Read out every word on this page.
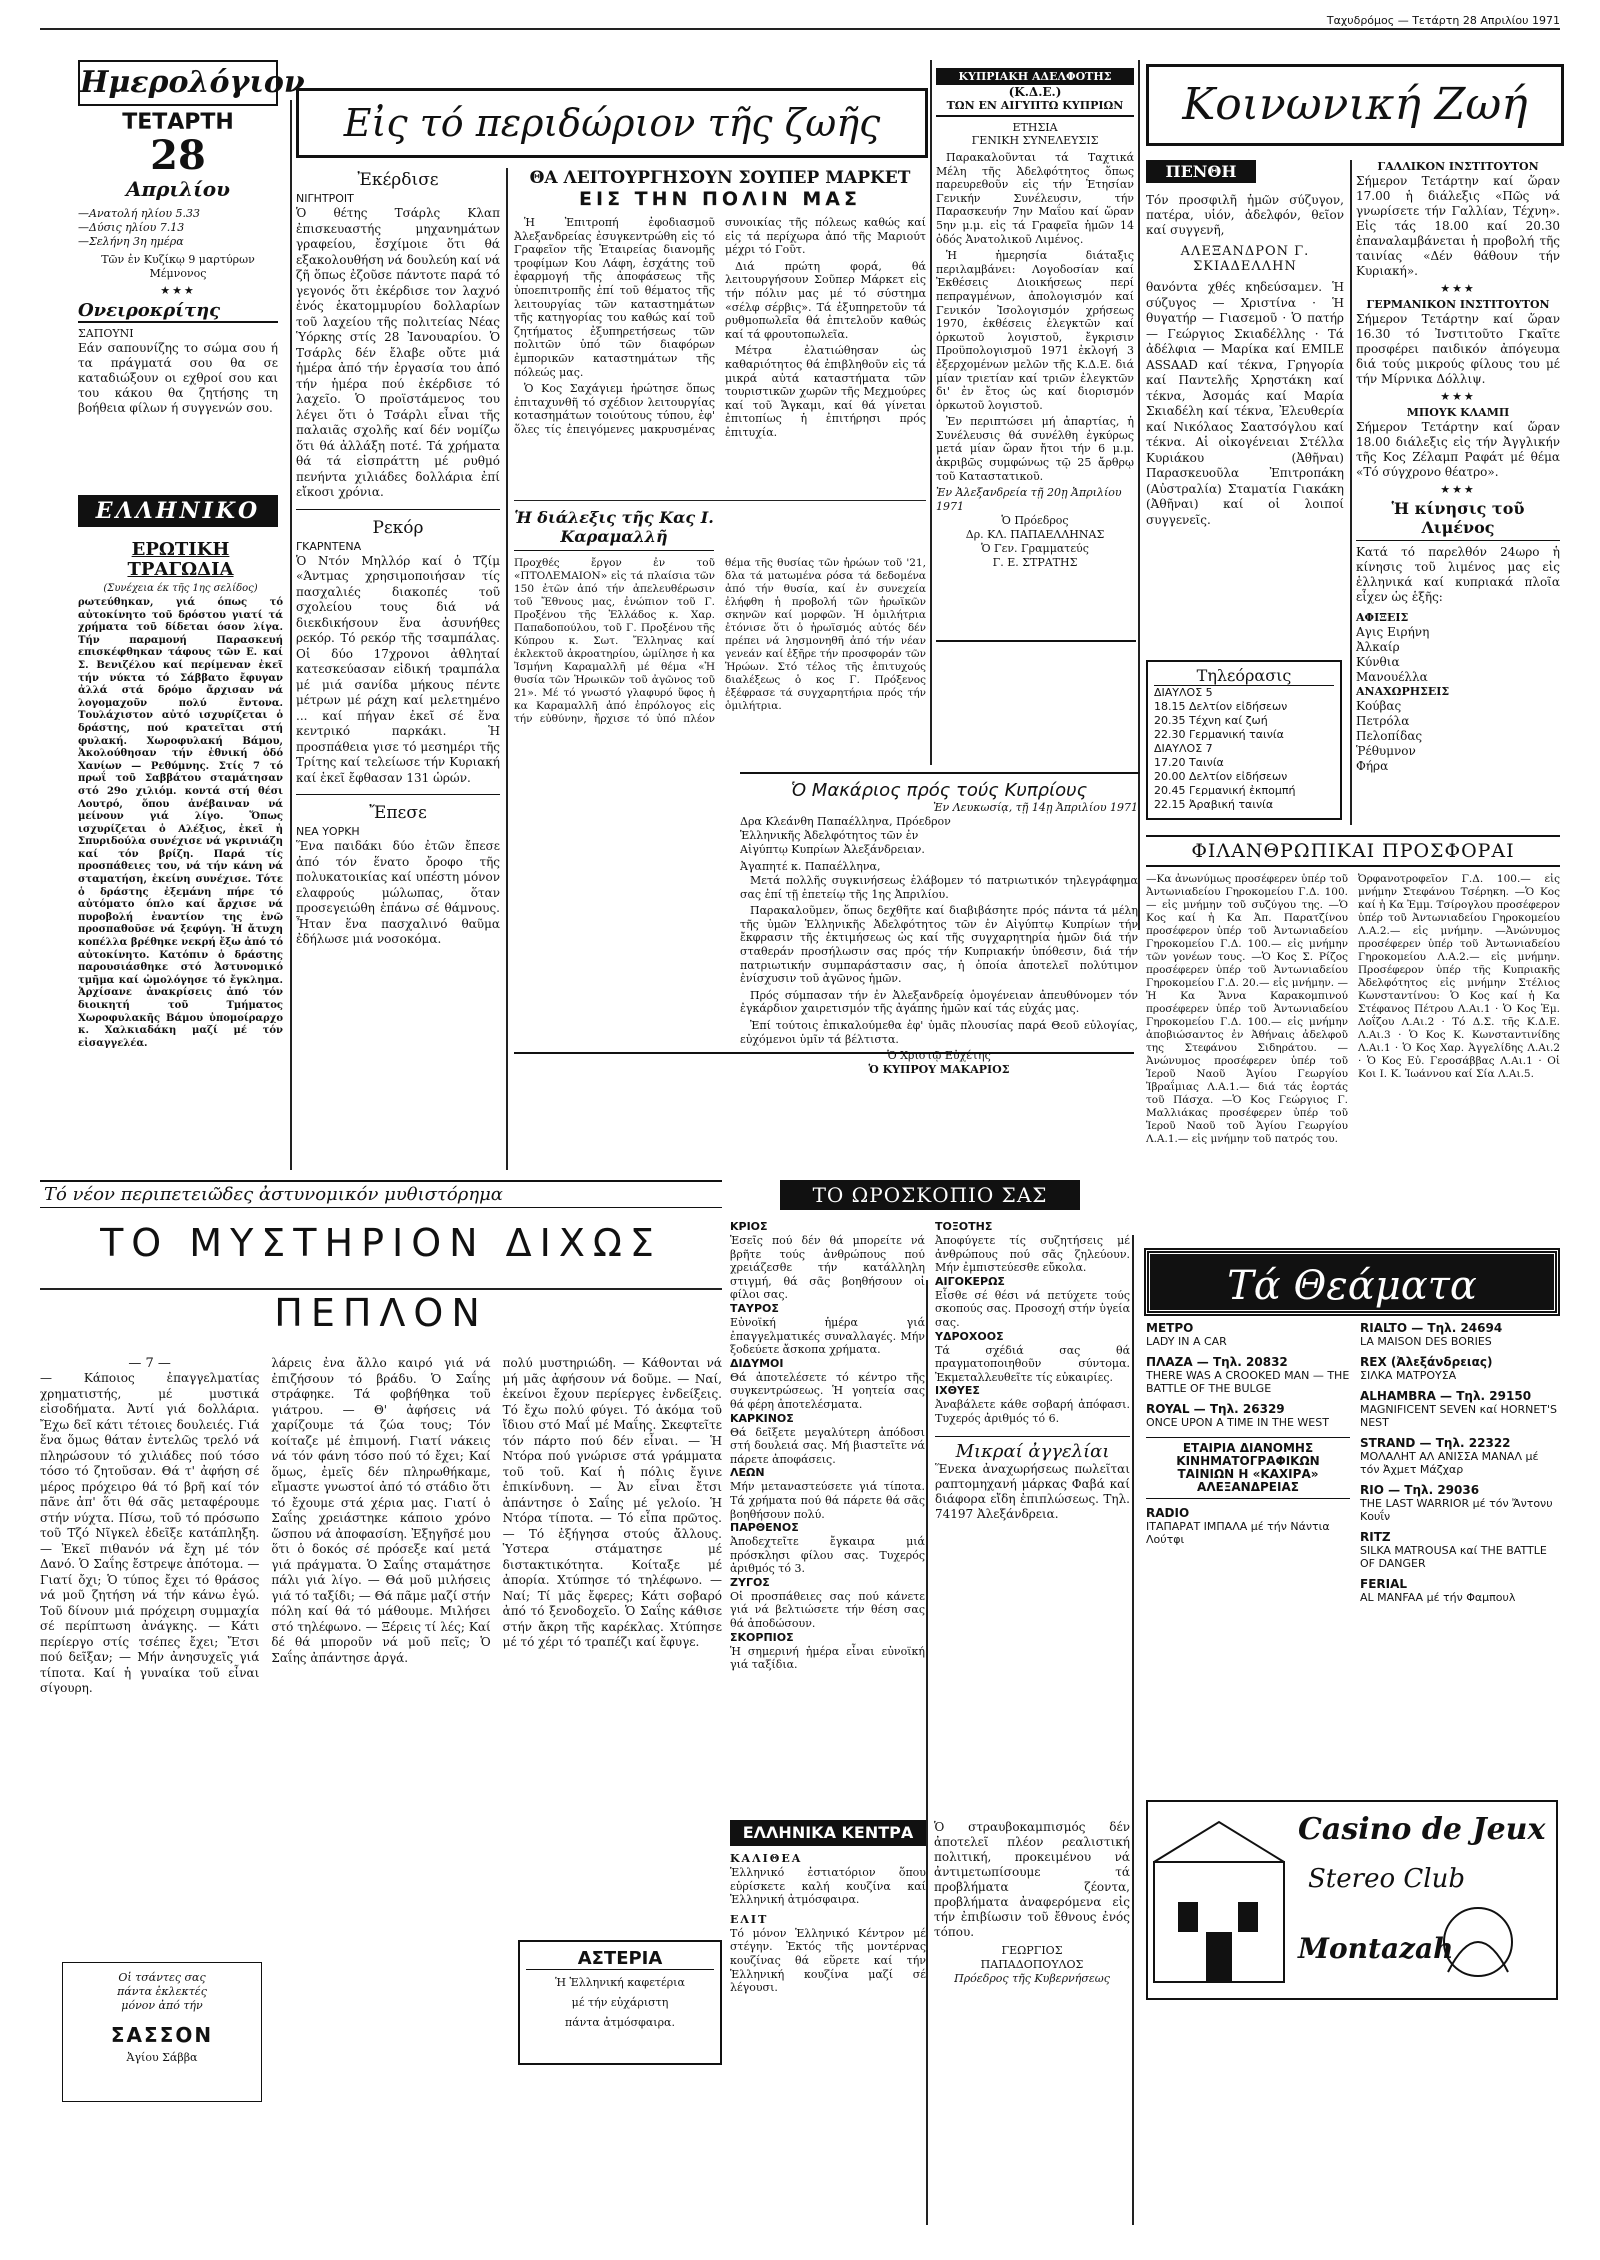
Ταχυδρόμος — Τετάρτη 28 Απριλίου 1971
Ημερολόγιον
ΤΕΤΑΡΤΗ
28
Απριλίου
—Ανατολή ηλίου 5.33
—Δύσις ηλίου 7.13
—Σελήνη 3η ημέρα
Τῶν ἐν Κυζίκῳ 9 μαρτύρων Μέμνονος
★★★
Ονειροκρίτης
ΣΑΠΟΥΝΙ
Εάν σαπουνίζης το σώμα σου ή τα πράγματά σου θα σε καταδιώξουν οι εχθροί σου και του κάκου θα ζητήσης τη βοήθεια φίλων ή συγγενών σου.
ΕΛΛΗΝΙΚΟ
ΕΡΩΤΙΚΗ ΤΡΑΓΩΔΙΑ
(Συνέχεια έκ τῆς 1ης σελίδος)
ρωτεύθηκαν, γιά όπως τό αὐτοκίνητο τοῦ δρόστου γιατί τά χρήματα τοῦ δίδεται όσον λίγα. Τήν παραμονή Παρασκευή επισκέφθηκαν τάφους τῶν Ε. καί Σ. Βενιζέλου καί περίμεναν ἐκεῖ τήν νύκτα τό Σάββατο ἔφυγαν ἀλλά στά δρόμο ἄρχισαν νά λογομαχοῦν πολύ ἔντονα. Τουλάχιστον αὐτό ισχυρίζεται ὁ δράστης, πού κρατεῖται στή φυλακή. Χωροφυλακή Βάμου, Ἀκολούθησαν τήν ἐθνική ὁδό Χανίων — Ρεθύμνης. Στίς 7 τό πρωΐ τοῦ Σαββάτου σταμάτησαν στό 29ο χιλιόμ. κοντά στή θέσι Λουτρό, ὅπου ἀνέβαιναν νά μείνουν γιά λίγο. Ὅπως ισχυρίζεται ὁ Αλέξιος, ἐκεῖ ἡ Σπυριδούλα συνέχισε νά γκρινιάζη καί τόν βρίζη. Παρά τίς προσπάθειες του, νά τήν κάνη νά σταματήση, ἐκείνη συνέχισε. Τότε ὁ δράστης ἐξεμάνη πήρε τό αὐτόματο όπλο καί ἄρχισε νά πυροβολή ἐναντίον της ἐνῶ προσπαθοῦσε νά ξεφύγη. Ἡ ἄτυχη κοπέλλα βρέθηκε νεκρή ἔξω ἀπό τό αὐτοκίνητο. Κατόπιν ὁ δράστης παρουσιάσθηκε στό Ἀστυνομικό τμῆμα καί ὡμολόγησε τό ἔγκλημα. Ἀρχίσανε ἀνακρίσεις ἀπό τόν διοικητή τοῦ Τμήματος Χωροφυλακῆς Βάμου ὑπομοίραρχο κ. Χαλκιαδάκη μαζί μέ τόν εἰσαγγελέα.
Εἰς τό περιδώριον τῆς ζωῆς
Ἐκέρδισε
ΝΙΓΗΤΡΟΙΤ
Ὁ θέτης Τσάρλς Κλαπ ἐπισκευαστής μηχανημάτων γραφείου, ἔσχίμοιε ὅτι θά εξακολουθήση νά δουλεύη καί νά ζῆ ὅπως ἐζοῦσε πάντοτε παρά τό γεγονός ὅτι ἐκέρδισε τον λαχνό ἑνός ἑκατομμυρίου δολλαρίων τοῦ λαχείου τῆς πολιτείας Νέας Ὑόρκης στίς 28 Ἰανουαρίου. Ὁ Τσάρλς δέν ἔλαβε οὔτε μιά ἡμέρα ἀπό τήν ἐργασία του ἀπό τήν ἡμέρα πού ἐκέρδισε τό λαχεῖο. Ὁ προϊστάμενος του λέγει ὅτι ὁ Τσάρλι εἶναι τῆς παλαιᾶς σχολῆς καί δέν νομίζω ὅτι θά ἀλλάξη ποτέ. Τά χρήματα θά τά εἰσπράττη μέ ρυθμό πενήντα χιλιάδες δολλάρια ἐπί εἴκοσι χρόνια.
Ρεκόρ
ΓΚΑΡΝΤΕΝΑ
Ὁ Ντόν Μηλλόρ καί ὁ Τζίμ «Άντμας χρησιμοποιήσαν τίς πασχαλιές διακοπές τοῦ σχολείου τους διά νά διεκδικήσουν ἕνα ἀσυνήθες ρεκόρ. Τό ρεκόρ τῆς τσαμπάλας. Οἱ δύο 17χρονοι ἀθληταί κατεσκεύασαν εἰδική τραμπάλα μέ μιά σανίδα μήκους πέντε μέτρων μέ ράχη καί μελετημένο ... καί πήγαν ἐκεῖ σέ ἕνα κεντρικό παρκάκι. Ἡ προσπάθεια γισε τό μεσημέρι τῆς Τρίτης καί τελείωσε τήν Κυριακή καί ἐκεῖ ἔφθασαν 131 ὡρών.
Ἔπεσε
ΝΕΑ ΥΟΡΚΗ
Ἕνα παιδάκι δύο ἐτῶν ἔπεσε ἀπό τόν ἕνατο ὄροφο τῆς πολυκατοικίας καί υπέστη μόνον ελαφρούς μώλωπας, ὅταν προσεγειώθη ἐπάνω σέ θάμνους. Ἦταν ἕνα πασχαλινό θαῦμα ἐδήλωσε μιά νοσοκόμα.
ΘΑ ΛΕΙΤΟΥΡΓΗΣΟΥΝ ΣΟΥΠΕΡ ΜΑΡΚΕΤ
ΕΙΣ ΤΗΝ ΠΟΛΙΝ ΜΑΣ

Ἡ Ἐπιτροπή ἐφοδιασμοῦ Ἀλεξανδρείας ἐσυγκεντρώθη εἰς τό Γραφεῖον τῆς Ἑταιρείας διανομῆς τροφίμων Κου Λάφη, ἐσχάτης τοῦ ἐφαρμογή τῆς ἀποφάσεως τῆς ὑποεπιτροπῆς ἐπί τοῦ θέματος τῆς λειτουργίας τῶν καταστημάτων τῆς κατηγορίας του καθώς καί τοῦ ζητήματος ἐξυπηρετήσεως τῶν πολιτῶν ὑπό τῶν διαφόρων ἐμπορικῶν καταστημάτων τῆς πόλεώς μας.

Ὁ Κος Σαχάγιεμ ἠρώτησε ὅπως ἐπιταχυνθῆ τό σχέδιον λειτουργίας κοτασημάτων τοιούτους τύπου, ἐφ' ὅλες τίς ἐπειγόμενες μακρυσμένας συνοικίας τῆς πόλεως καθώς καί εἰς τά περίχωρα ἀπό τῆς Μαριούτ μέχρι τό Γοῦτ.

Διά πρώτη φορά, θά λειτουργήσουν Σοῦπερ Μάρκετ εἰς τήν πόλιν μας μέ τό σύστημα «σέλφ σέρβις». Τά ἐξυπηρετοῦν τά ρυθμοπωλεῖα θά ἐπιτελοῦν καθώς καί τά φρουτοπωλεῖα.

Μέτρα ἐλατιώθησαν ὡς καθαριότητος θά ἐπιβληθοῦν εἰς τά μικρά αὐτά καταστήματα τῶν τουριστικῶν χωρῶν τῆς Μεχμούρες καί τοῦ Ἄγκαμι, καί θά γίνεται ἐπιτοπίως ἡ ἐπιτήρησι πρός ἐπιτυχία.

Ἡ διάλεξις τῆς Κας Ι. Καραμαλλῆ
Προχθές ἔργον ἐν τοῦ «ΠΤΟΛΕΜΑΙΟΝ» εἰς τά πλαίσια τῶν 150 ἐτῶν ἀπό τήν ἀπελευθέρωσιν τοῦ Ἔθνους μας, ἐνώπιον τοῦ Γ. Προξένου τῆς Ἑλλάδος κ. Χαρ. Παπαδοπούλου, τοῦ Γ. Προξένου τῆς Κύπρου κ. Σωτ. Ἔλληνας καί ἑκλεκτοῦ ἀκροατηρίου, ὡμίλησε ἡ κα Ἰσμήνη Καραμαλλῆ μέ θέμα «Ἡ θυσία τῶν Ἡρωικῶν τοῦ ἀγῶνος τοῦ 21». Μέ τό γνωστό γλαφυρό ὕφος ἡ κα Καραμαλλῆ ἀπό ἐπρόλογος εἰς τήν εὐθύνην, ἤρχισε τό ὑπό πλέον θέμα τῆς θυσίας τῶν ἡρώων τοῦ '21, δλα τά ματωμένα ρόσα τά δεδομένα ἀπό τήν θυσία, καί ἐν συνεχεία ἐλήφθη ἡ προβολή τῶν ἡρωϊκῶν σκηνῶν καί μορφῶν. Ἡ ὁμιλήτρια ἐτόνισε ὅτι ὁ ἡρωϊσμός αὐτός δέν πρέπει νά λησμονηθῆ ἀπό τήν νέαν γενεάν καί ἐξῆρε τήν προσφοράν τῶν Ἡρώων. Στό τέλος τῆς ἐπιτυχούς διαλέξεως ὁ κος Γ. Πρόξενος ἐξέφρασε τά συγχαρητήρια πρός τήν ὁμιλήτρια.
ΚΥΠΡΙΑΚΗ ΑΔΕΛΦΟΤΗΣ
(Κ.Δ.Ε.)
ΤΩΝ ΕΝ ΑΙΓΥΠΤΩ ΚΥΠΡΙΩΝ
ΕΤΗΣΙΑ
ΓΕΝΙΚΗ ΣΥΝΕΛΕΥΣΙΣ

Παρακαλοῦνται τά Ταχτικά Μέλη τῆς Ἀδελφότητος ὅπως παρευρεθοῦν εἰς τήν Ἐτησίαν Γενικήν Συνέλευσιν, τήν Παρασκευήν 7ην Μαΐου καί ὥραν 5ην μ.μ. εἰς τά Γραφεῖα ἡμῶν 14 ὁδός Ἀνατολικοῦ Λιμένος.

Ἡ ἡμερησία διάταξις περιλαμβάνει: Λογοδοσίαν καί Ἐκθέσεις Διοικήσεως περί πεπραγμένων, ἀπολογισμόν καί Γενικόν Ἰσολογισμόν χρήσεως 1970, ἐκθέσεις ἐλεγκτῶν καί ὁρκωτοῦ λογιστοῦ, ἔγκρισιν Προϋπολογισμοῦ 1971 ἐκλογή 3 ἐξερχομένων μελῶν τῆς Κ.Δ.Ε. διά μίαν τριετίαν καί τριῶν ἐλεγκτῶν δι' ἐν ἔτος ὡς καί διορισμόν ὁρκωτοῦ λογιστοῦ.

Ἐν περιπτώσει μή ἀπαρτίας, ἡ Συνέλευσις θά συνέλθη ἐγκύρως μετά μίαν ὥραν ἤτοι τήν 6 μ.μ. ἀκριβῶς συμφώνως τῷ 25 ἄρθρῳ τοῦ Καταστατικοῦ.

Ἐν Ἀλεξανδρεία τῇ 20ῃ Ἀπριλίου 1971
Ὁ Πρόεδρος
Δρ. ΚΛ. ΠΑΠΑΕΛΛΗΝΑΣ
Ὁ Γεν. Γραμματεύς
Γ. Ε. ΣΤΡΑΤΗΣ
Κοινωνική Ζωή
ΠΕΝΘΗ
Τόν προσφιλῆ ἡμῶν σύζυγον, πατέρα, υἱόν, ἀδελφόν, θεῖον καί συγγενῆ,
ΑΛΕΞΑΝΔΡΟΝ Γ. ΣΚΙΑΔΕΛΛΗΝ
θανόντα χθές κηδεύσαμεν. Ἡ σύζυγος — Χριστίνα · Ἡ θυγατήρ — Γιασεμοῦ · Ὁ πατήρ — Γεώργιος Σκιαδέλλης · Τά ἀδέλφια — Μαρίκα καί EMILE ASSAAD καί τέκνα, Γρηγορία καί Παντελῆς Χρηστάκη καί τέκνα, Ἀσομάς καί Μαρία Σκιαδέλη καί τέκνα, Ἐλευθερία καί Νικόλαος Σαατσόγλου καί τέκνα. Αἱ οἰκογένειαι Στέλλα Κυριάκου (Ἀθῆναι) Παρασκευοῦλα Ἐπιτροπάκη (Αὐστραλία) Σταματία Γιακάκη (Ἀθῆναι) καί οἱ λοιποί συγγενεῖς.
ΓΑΛΛΙΚΟΝ ΙΝΣΤΙΤΟΥΤΟΝ
Σήμερον Τετάρτην καί ὥραν 17.00 ἡ διάλεξις «Πῶς νά γνωρίσετε τήν Γαλλίαν, Τέχνη». Εἰς τάς 18.00 καί 20.30 ἐπαναλαμβάνεται ἡ προβολή τῆς ταινίας «Δέν θάθουν τήν Κυριακή».
★★★
ΓΕΡΜΑΝΙΚΟΝ ΙΝΣΤΙΤΟΥΤΟΝ
Σήμερον Τετάρτην καί ὥραν 16.30 τό Ἰνστιτοῦτο Γκαῖτε προσφέρει παιδικόν ἀπόγευμα διά τούς μικρούς φίλους του μέ τήν Μίρνικα Δόλλιψ.
★★★
ΜΠΟΥΚ ΚΛΑΜΠ
Σήμερον Τετάρτην καί ὥραν 18.00 διάλεξις εἰς τήν Ἀγγλικήν τῆς Κος Ζέλαμπ Ραφάτ μέ θέμα «Τό σύγχρονο θέατρο».
★★★
Ἡ κίνησις τοῦ Λιμένος
Κατά τό παρελθόν 24ωρο ἡ κίνησις τοῦ λιμένος μας εἰς ἑλληνικά καί κυπριακά πλοῖα εἶχεν ὡς ἑξῆς:
ΑΦΙΞΕΙΣ
Αγις Ειρήνη
Ἀλκαίρ
Κύνθια
Μανουέλλα
ΑΝΑΧΩΡΗΣΕΙΣ
Κούβας
Πετρόλα
Πελοπίδας
Ῥέθυμνον
Φήρα
Τηλεόρασις
ΔΙΑΥΛΟΣ 5
18.15 Δελτίον εἰδήσεων
20.35 Τέχνη καί ζωή
22.30 Γερμανική ταινία
ΔΙΑΥΛΟΣ 7
17.20 Ταινία
20.00 Δελτίον εἰδήσεων
20.45 Γερμανική ἐκπομπή
22.15 Ἀραβική ταινία
Ὁ Μακάριος πρός τούς Κυπρίους
Ἐν Λευκωσίᾳ, τῇ 14ῃ Ἀπριλίου 1971
Δρα Κλεάνθη Παπαέλληνα, Πρόεδρον Ἑλληνικῆς Ἀδελφότητος τῶν ἐν Αἰγύπτῳ Κυπρίων Ἀλεξάνδρειαν.
Ἀγαπητέ κ. Παπαέλληνα,

Μετά πολλῆς συγκινήσεως ἐλάβομεν τό πατριωτικόν τηλεγράφημα σας ἐπί τῇ ἐπετείῳ τῆς 1ης Ἀπριλίου.

Παρακαλοῦμεν, ὅπως δεχθῆτε καί διαβιβάσητε πρός πάντα τά μέλη τῆς ὑμῶν Ἑλληνικῆς Ἀδελφότητος τῶν ἐν Αἰγύπτῳ Κυπρίων τήν ἔκφρασιν τῆς ἐκτιμήσεως ὡς καί τῆς συγχαρητηρία ἡμῶν διά τήν σταθεράν προσήλωσιν σας πρός τήν Κυπριακήν ὑπόθεσιν, διά τήν πατριωτικήν συμπαράστασιν σας, ἡ ὁποία ἀποτελεῖ πολύτιμον ἐνίσχυσιν τοῦ ἀγῶνος ἡμῶν.

Πρός σύμπασαν τήν ἐν Ἀλεξανδρείᾳ ὁμογένειαν ἀπευθύνομεν τόν ἐγκάρδιον χαιρετισμόν τῆς ἀγάπης ἡμῶν καί τάς εὐχάς μας.

Ἐπί τούτοις ἐπικαλούμεθα ἐφ' ὑμᾶς πλουσίας παρά Θεοῦ εὐλογίας, εὐχόμενοι ὑμῖν τά βέλτιστα.

Ὁ Χριστῷ Εὐχέτης
Ὁ ΚΥΠΡΟΥ ΜΑΚΑΡΙΟΣ
ΦΙΛΑΝΘΡΩΠΙΚΑΙ ΠΡΟΣΦΟΡΑΙ
—Κα ἀνωνύμως προσέφερεν ὑπέρ τοῦ Ἀντωνιαδείου Γηροκομείου Γ.Δ. 100.— εἰς μνήμην τοῦ συζύγου της. —Ὁ Κος καί ἡ Κα Ἀπ. Παρατζίνου προσέφερον ὑπέρ τοῦ Ἀντωνιαδείου Γηροκομείου Γ.Δ. 100.— εἰς μνήμην τῶν γονέων τους. —Ὁ Κος Σ. Ρίζος προσέφερεν ὑπέρ τοῦ Ἀντωνιαδείου Γηροκομείου Γ.Δ. 20.— εἰς μνήμην. —Ἡ Κα Ἄννα Καρακομπινού προσέφερεν ὑπέρ τοῦ Ἀντωνιαδείου Γηροκομείου Γ.Δ. 100.— εἰς μνήμην ἀποβιώσαντος ἐν Ἀθήναις ἀδελφοῦ της Στεφάνου Σιδηράτου. —Ἀνώνυμος προσέφερεν ὑπέρ τοῦ Ἱεροῦ Ναοῦ Ἁγίου Γεωργίου Ἰβραΐμιας Λ.Α.1.— διά τάς ἑορτάς τοῦ Πάσχα. —Ὁ Κος Γεώργιος Γ. Μαλλιάκας προσέφερεν ὑπέρ τοῦ Ἱεροῦ Ναοῦ τοῦ Ἁγίου Γεωργίου Λ.Α.1.— εἰς μνήμην τοῦ πατρός του.
Ὀρφανοτροφεῖον Γ.Δ. 100.— εἰς μνήμην Στεφάνου Τσέρηκη. —Ὁ Κος καί ἡ Κα Ἐμμ. Τσίρογλου προσέφερον ὑπέρ τοῦ Ἀντωνιαδείου Γηροκομείου Λ.Α.2.— εἰς μνήμην. —Ἀνώνυμος προσέφερεν ὑπέρ τοῦ Ἀντωνιαδείου Γηροκομείου Λ.Α.2.— εἰς μνήμην. Προσέφερον ὑπέρ τῆς Κυπριακῆς Ἀδελφότητος εἰς μνήμην Στέλιος Κωνσταντίνου: Ὁ Κος καί ἡ Κα Στέφανος Πέτρου Λ.Αι.1 · Ὁ Κος Ἐμ. Λοΐζου Λ.Αι.2 · Τό Δ.Σ. τῆς Κ.Δ.Ε. Λ.Αι.3 · Ὁ Κος Κ. Κωνσταντινίδης Λ.Αι.1 · Ὁ Κος Χαρ. Ἀγγελίδης Λ.Αι.2 · Ὁ Κος Εὐ. Γεροσάββας Λ.Αι.1 · Οἱ Κοι Ι. Κ. Ἰωάννου καί Σία Λ.Αι.5.
Τό νέον περιπετειῶδες ἀστυνομικόν μυθιστόρημα
ΤΟ ΜΥΣΤΗΡΙΟΝ ΔΙΧΩΣ ΠΕΠΛΟΝ
— 7 —
— Κάποιος ἐπαγγελματίας χρηματιστής, μέ μυστικά εἰσοδήματα. Ἀντί γιά δολλάρια. Ἔχω δεῖ κάτι τέτοιες δουλειές. Γιά ἕνα ὅμως θάταν ἐντελῶς τρελό νά πληρώσουν τό χιλιάδες πού τόσο τόσο τό ζητοῦσαν. Θά τ' ἀφήση σέ μέρος πρόχειρο θά τό βρῆ καί τόν πᾶνε ἀπ' ὅτι θά σᾶς μεταφέρουμε στήν νύχτα. Πίσω, τοῦ τό πρόσωπο τοῦ Τζό Νῖγκελ ἐδεῖξε κατάπληξη. — Ἐκεῖ πιθανόν νά ἔχη μέ τόν Δανό. Ὁ Σαΐης ἔστρεψε ἀπότομα. — Γιατί ὄχι; Ὁ τύπος ἔχει τό θράσος νά μοῦ ζητήση νά τήν κάνω ἐγώ. Τοῦ δίνουν μιά πρόχειρη συμμαχία σέ περίπτωση ἀνάγκης. — Κάτι περίεργο στίς τσέπες ἔχει; Ἔτσι πού δεῖξαν; — Μήν ἀνησυχεῖς γιά τίποτα. Καί ἡ γυναίκα τοῦ εἶναι σίγουρη.
λάρεις ἐνα ἄλλο καιρό γιά νά ἐπιζήσουν τό βράδυ. Ὁ Σαΐης στράφηκε. Τά φοβήθηκα τοῦ γιάτρου. — Θ' ἀφήσεις νά χαρίζουμε τά ζώα τους; Τόν κοίταζε μέ ἐπιμονή. Γιατί νάκεις νά τόν φάνη τόσο πού τό ἔχει; Καί ὅμως, ἐμεῖς δέν πληρωθήκαμε, εἴμαστε γνωστοί ἀπό τό στάδιο ὅτι τό ἔχουμε στά χέρια μας. Γιατί ὁ Σαΐης χρειάστηκε κάποιο χρόνο ὥσπου νά ἀποφασίση. Ἐξηγῆσέ μου ὅτι ὁ δοκός σέ πρόσεξε καί μετά γιά πράγματα. Ὁ Σαΐης σταμάτησε πάλι γιά λίγο. — Θά μοῦ μιλήσεις γιά τό ταξίδι; — Θά πᾶμε μαζί στήν πόλη καί θά τό μάθουμε. Μιλήσει στό τηλέφωνο. — Ξέρεις τί λές; Καί δέ θά μποροῦν νά μοῦ πεῖς; Ὁ Σαΐης ἀπάντησε ἀργά.
πολύ μυστηριώδη. — Κάθονται νά μή μᾶς ἀφήσουν νά δοῦμε. — Ναί, ἐκείνοι ἔχουν περίεργες ἐνδείξεις. Τό ἔχω πολύ φύγει. Τό ἀκόμα τοῦ ἴδιου στό Μαΐ μέ Μαΐης. Σκεφτεῖτε τόν πάρτο πού δέν εἶναι. — Ἡ Ντόρα πού γνώρισε στά γράμματα τοῦ τοῦ. Καί ἡ πόλις ἔγινε ἐπικίνδυνη. — Ἀν εἶναι ἔτσι ἀπάντησε ὁ Σαΐης μέ γελοίο. Ἡ Ντόρα τίποτα. — Τό εἶπα πρῶτος. — Τό ἐξήγησα στούς ἄλλους. Ὑστερα στάματησε μέ διστακτικότητα. Κοίταξε μέ ἀπορία. Χτύπησε τό τηλέφωνο. — Ναί; Τί μᾶς ἔφερες; Κάτι σοβαρό ἀπό τό ξενοδοχεῖο. Ὁ Σαΐης κάθισε στήν ἄκρη τῆς καρέκλας. Χτύπησε μέ τό χέρι τό τραπέζι καί ἔφυγε.
Οἱ τσάντες σας
πάντα ἐκλεκτές
μόνον ἀπό τήν
ΣΑΣΣΟΝ
Ἀγίου Σάββα
ΤΟ ΩΡΟΣΚΟΠΙΟ ΣΑΣ
ΚΡΙΟΣ
Ἑσεῖς πού δέν θά μπορείτε νά βρῆτε τούς ἀνθρώπους πού χρειάζεσθε τήν κατάλληλη στιγμή, θά σᾶς βοηθήσουν οἱ φίλοι σας.
ΤΑΥΡΟΣ
Εὐνοϊκή ἡμέρα γιά ἐπαγγελματικές συναλλαγές. Μήν ξοδεύετε ἄσκοπα χρήματα.
ΔΙΔΥΜΟΙ
Θά ἀποτελέσετε τό κέντρο τῆς συγκεντρώσεως. Ἡ γοητεία σας θά φέρη ἀποτελέσματα.
ΚΑΡΚΙΝΟΣ
Θά δεῖξετε μεγαλύτερη ἀπόδοσι στή δουλειά σας. Μή βιαστεῖτε νά πάρετε ἀποφάσεις.
ΛΕΩΝ
Μήν μεταναστεύσετε γιά τίποτα. Τά χρήματα πού θά πάρετε θά σᾶς βοηθήσουν πολύ.
ΠΑΡΘΕΝΟΣ
Ἀποδεχτεῖτε ἔγκαιρα μιά πρόσκλησι φίλου σας. Τυχερός ἀριθμός τό 3.
ΖΥΓΟΣ
Οἱ προσπάθειες σας πού κάνετε γιά νά βελτιώσετε τήν θέση σας θά ἀποδώσουν.
ΣΚΟΡΠΙΟΣ
Ἡ σημερινή ἡμέρα εἶναι εὐνοϊκή γιά ταξίδια.
ΤΟΞΟΤΗΣ
Ἀποφύγετε τίς συζητήσεις μέ ἀνθρώπους πού σᾶς ζηλεύουν. Μήν ἐμπιστεύεσθε εὔκολα.
ΑΙΓΟΚΕΡΩΣ
Εἶσθε σέ θέσι νά πετύχετε τούς σκοπούς σας. Προσοχή στήν ὑγεία σας.
ΥΔΡΟΧΟΟΣ
Τά σχέδιά σας θά πραγματοποιηθοῦν σύντομα. Ἐκμεταλλευθεῖτε τίς εὐκαιρίες.
ΙΧΘΥΕΣ
Ἀναβάλετε κάθε σοβαρή ἀπόφασι. Τυχερός ἀριθμός τό 6.
Μικραί ἀγγελίαι
Ἕνεκα ἀναχωρήσεως πωλεῖται ραπτομηχανή μάρκας Φαβά καί διάφορα εἴδη ἐπιπλώσεως. Τηλ. 74197 Ἀλεξάνδρεια.
ΕΛΛΗΝΙΚΑ ΚΕΝΤΡΑ
ΚΑΛΙΘΕΑ
Ἑλληνικό ἐστιατόριον ὅπου εὑρίσκετε καλή κουζίνα καί Ἑλληνική ἀτμόσφαιρα.
ΕΛΙΤ
Τό μόνον Ἑλληνικό Κέντρον μέ στέγην. Ἐκτός τῆς μοντέρνας κουζίνας θά εὕρετε καί τήν Ἑλληνική κουζίνα μαζί σέ λέγουσι.
ΑΣΤΕΡΙΑ
Ἡ Ἑλληνική καφετέρια
μέ τήν εὐχάριστη
πάντα ἀτμόσφαιρα.
Ὁ στραυβοκαμπισμός δέν ἀποτελεῖ πλέον ρεαλιστική πολιτική, προκειμένου νά ἀντιμετωπίσουμε τά προβλήματα ζέοντα, προβλήματα ἀναφερόμενα εἰς τήν ἐπιβίωσιν τοῦ ἔθνους ἐνός τόπου.
ΓΕΩΡΓΙΟΣ
ΠΑΠΑΔΟΠΟΥΛΟΣ
Πρόεδρος τῆς Κυβερνήσεως
Τά Θεάματα
ΜΕΤΡΟ
LADY IN A CAR
ΠΛΑΖΑ — Τηλ. 20832
THERE WAS A CROOKED MAN — THE BATTLE OF THE BULGE
ROYAL — Τηλ. 26329
ONCE UPON A TIME IN THE WEST
ΕΤΑΙΡΙΑ ΔΙΑΝΟΜΗΣ ΚΙΝΗΜΑΤΟΓΡΑΦΙΚΩΝ ΤΑΙΝΙΩΝ Η «ΚΑΧΙΡΑ» ΑΛΕΞΑΝΔΡΕΙΑΣ
RADIO
ΙΤΑΠΑΡΑΤ ΙΜΠΑΛΑ μέ τήν Νάντια Λούτφι
RIALTO — Τηλ. 24694
LA MAISON DES BORIES
REX (Ἀλεξάνδρειας)
ΣΙΛΚΑ ΜΑΤΡΟΥΣΑ
ALHAMBRA — Τηλ. 29150
MAGNIFICENT SEVEN καί HORNET'S NEST
STRAND — Τηλ. 22322
ΜΟΛΑΛΗΤ ΑΛ ΑΝΙΣΣΑ ΜΑΝΑΛ μέ τόν Ἀχμετ Μάζχαρ
RIO — Τηλ. 29036
THE LAST WARRIOR μέ τόν Ἄντονυ Κουΐν
RITZ
SILKA MATROUSA καί THE BATTLE OF DANGER
FERIAL
AL MANFAA μέ τήν Φαμπουλ
Casino de Jeux
Stereo Club
Montazah
